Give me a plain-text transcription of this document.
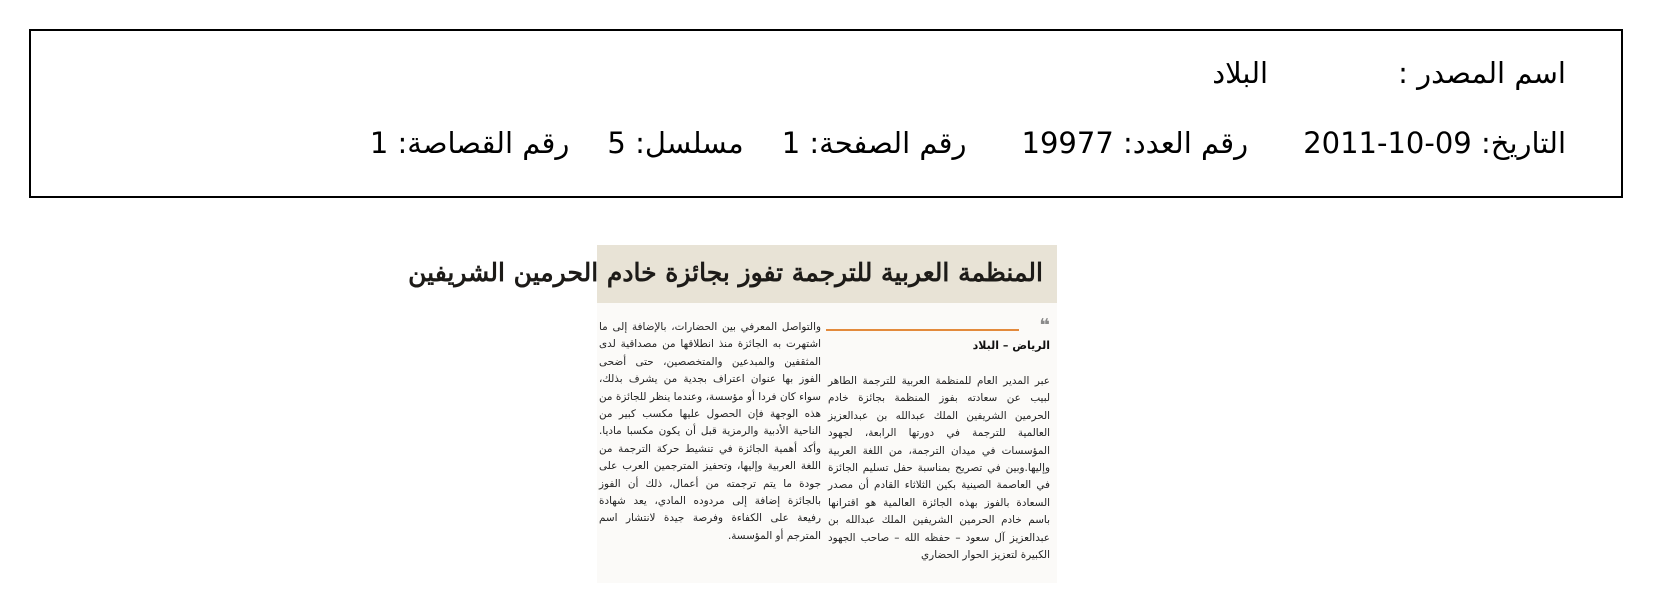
اسم المصدر :البلاد
التاريخ: 2011-10-09رقم العدد: 19977رقم الصفحة: 1مسلسل: 5رقم القصاصة: 1
المنظمة العربية للترجمة تفوز بجائزة خادم الحرمين الشريفين
❝
الرياض – البلاد
عبر المدير العام للمنظمة العربية للترجمة الطاهر لبيب عن سعادته بفوز المنظمة بجائزة خادم الحرمين الشريفين الملك عبدالله بن عبدالعزيز العالمية للترجمة في دورتها الرابعة، لجهود المؤسسات في ميدان الترجمة، من اللغة العربية وإليها.وبين في تصريح بمناسبة حفل تسليم الجائزة في العاصمة الصينية بكين الثلاثاء القادم أن مصدر السعادة بالفوز بهذه الجائزة العالمية هو اقترانها باسم خادم الحرمين الشريفين الملك عبدالله بن عبدالعزيز آل سعود – حفظه الله – صاحب الجهود الكبيرة لتعزيز الحوار الحضاري
والتواصل المعرفي بين الحضارات، بالإضافة إلى ما اشتهرت به الجائزة منذ انطلاقها من مصداقية لدى المثقفين والمبدعين والمتخصصين، حتى أضحى الفوز بها عنوان اعتراف بجدية من يشرف بذلك، سواء كان فردا أو مؤسسة، وعندما ينظر للجائزة من هذه الوجهة فإن الحصول عليها مكسب كبير من الناحية الأدبية والرمزية قبل أن يكون مكسبا ماديا. وأكد أهمية الجائزة في تنشيط حركة الترجمة من اللغة العربية وإليها، وتحفيز المترجمين العرب على جودة ما يتم ترجمته من أعمال، ذلك أن الفوز بالجائزة إضافة إلى مردوده المادي، يعد شهادة رفيعة على الكفاءة وفرصة جيدة لانتشار اسم المترجم أو المؤسسة.
